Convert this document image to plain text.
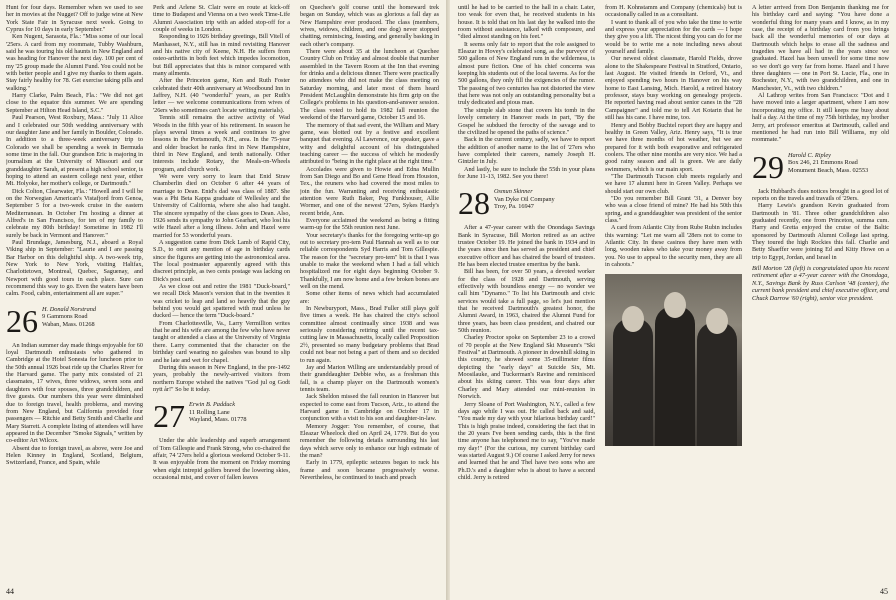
Hunt for four days. Remember when we used to see her in movies at the Nugget? Off to judge wine at New York State Fair in Syracuse next week. Going to Cyprus for 10 days in early September."

Ken Nugent, Sarasota, Fla.: "Miss some of our local '25ers. A card from my roommate, Tubby Washburn, said he was touring his old haunts in New England and was heading for Hanover the next day. 100 per cent of my '25 group made the Alumni Fund. You could not be with better people and I give my thanks to them again. Stay fairly healthy for 78. Get exercise taking pills and walking."

Harry Clarke, Palm Beach, Fla.: "We did not get close to the equator this summer. We are spending September at Hilton Head Island, S.C."

Paul Pearson, West Roxbury, Mass.: "July 11 Alice and I celebrated our 50th wedding anniversary with our daughter Jane and her family in Boulder, Colorado. In addition to a three-week anniversary trip to Colorado we shall be spending a week in Bermuda some time in the fall. Our grandson Eric is majoring in journalism at the University of Missouri and our granddaughter Sarah, at present a high school senior, is hoping to attend an eastern college next year, either Mt. Holyoke, her mother's college, or Dartmouth."

Dick Colton, Clearwater, Fla.: "Howell and I will be on the Norwegian American's Vistafjord from Genoa, September 5 for a two-week cruise in the eastern Mediterranean. In October I'm hosting a dinner at Alfred's in San Francisco, for ten of my family to celebrate my 80th birthday! Sometime in 1982 I'll surely be back in Vermont and Hanover."

Paul Brundage, Jamesburg, N.J., aboard a Royal Viking ship in September: "Laurie and I are passing Bar Harbor on this delightful ship. A two-week trip, New York to New York, visiting Halifax, Charlottetown, Montreal, Quebec, Saguenay, and Newport with good tours in each place. Sure can recommend this way to go. Even the waters have been calm. Food, cabin, entertainment all are super."

26 H. Donald Norstrand
9 Gammons Road
Waban, Mass. 01268

An Indian summer day made things enjoyable for 60 loyal Dartmouth enthusiasts who gathered in Cambridge at the Hotel Sonesta for luncheon prior to the 50th annual 1926 boat ride up the Charles River for the Harvard game. The party mix consisted of 21 classmates, 17 wives, three widows, seven sons and daughters with four spouses, three grandchildren, and five guests. Our numbers this year were diminished due to foreign travel, health problems, and moving from New England, but California provided four passengers — Ritchie and Betty Smith and Charlie and Mary Starrett. A complete listing of attendees will have appeared in the December "Smoke Signals," written by co-editor Art Wilcox.

Absent due to foreign travel, as above, were Joe and Helen Kinney in England, Scotland, Belgium, Switzerland, France, and Spain, while

Perk and Arlene St. Clair were en route at kick-off time to Budapest and Vienna on a two week Time-Life Alumni Association trip with an added stop-off for a couple of weeks in London.

Responding to 1926 birthday greetings, Bill Vitell of Manhasset, N.Y., still has in mind revisiting Hanover and his native city of Keene, N.H. He suffers from osteo-arthritis in both feet which impedes locomotion, but Bill appreciates that this is minor compared with many ailments.

After the Princeton game, Ken and Ruth Foster celebrated their 40th anniversary at Woodbound Inn in Jaffrey, N.H. (40 "wonderful" years, as per Ruth's letter — we welcome communications from wives of '26ers who sometimes can't locate writing materials).

Tennis still remains the active activity of Wad Woods in the fifth year of his retirement. In season he plays several times a week and continues to give lessons in the Portsmouth, N.H., area. In the 75-year and older bracket he ranks first in New Hampshire, third in New England, and tenth nationally. Other interests include Rotary, the Meals-on-Wheels program, and church work.

We were very sorry to learn that Enid Straw Chamberlin died on October 6 after 44 years of marriage to Dean. Enid's dad was class of 1887. She was a Phi Beta Kappa graduate of Wellesley and the University of California, where she also had taught. The sincere sympathy of the class goes to Dean. Also, 1926 sends its sympathy to John Gearhart, who lost his wife Hazel after a long illness. John and Hazel were married for 53 wonderful years.

A suggestion came from Dick Lamb of Rapid City, S.D., to omit any mention of age in birthday cards since the figures are getting into the astronomical area. The local postmaster apparently agreed with this discreet principle, as two cents postage was lacking on Dick's post card.

As we close out and retire the 1981 "Duck-board," we recall Dick Mason's version that in the twenties it was cricket to leap and land so heavily that the guy behind you would get spattered with mud unless he ducked — hence the term "Duck-board."

From Charlottesville, Va., Larry Vermillion writes that he and his wife are among the few who have never taught or attended a class at the University of Virginia there. Larry commented that the character on the birthday card wearing no galoshes was bound to slip and he late and wet for chapel.

During this season in New England, in the pre-1492 years, probably the newly-arrived visitors from northern Europe wished the natives "God jul og Godt nytt år!" So be it today.

27 Erwin B. Padduck
11 Rolling Lane
Wayland, Mass. 01778

Under the able leadership and superb arrangement of Tom Gillespie and Frank Strong, who co-chaired the affair, 74 '27ers held a glorious weekend October 9-11. It was enjoyable from the moment on Friday morning when eight intrepid golfers braved the lowering skies, occasional mist, and cover of fallen leaves

on Quechee's golf course until the homeward trek began on Sunday, which was as glorious a fall day as New Hampshire ever produced. The class (members, wives, widows, children, and one dog) never stopped chatting, reminiscing, feasting, and generally basking in each other's company.

There were about 35 at the luncheon at Quechee Country Club on Friday and almost double that number assembled in the Tavern Room at the Inn that evening for drinks and a delicious dinner. There were practically no attendees who did not make the class meeting on Saturday morning, and later most of them heard President McLaughlin demonstrate his firm grip on the College's problems in his question-and-answer session. The class voted to hold its 1982 fall reunion the weekend of the Harvard game, October 15 and 16.

The memory of that sad event, the William and Mary game, was blotted out by a festive and excellent banquet that evening. Al Lawrence, our speaker, gave a witty and delightful account of his distinguished teaching career — the success of which he modestly attributed to "being in the right place at the right time."

Accolades were given to Howie and Edna Mullin from San Diego and Bo and Gene Head from Houston, Tex., the reuners who had covered the most miles to join the fun. Warranting and receiving enthusiastic attention were Ruth Baker, Peg Funkhouser, Allie Wormer, and one of the newest '27ers, Sykes Hardy's recent bride, Ann.

Everyone acclaimed the weekend as being a fitting warm-up for the 55th reunion next June.

Your secretary's thanks for the foregoing write-up go out to secretary pro-tem Paul Hannah as well as to our reliable correspondents Syd Harris and Tom Gillespie. The reason for the "secretary pro-tem" bit is that I was unable to make the weekend when I had a fall which hospitalized me for eight days beginning October 9. Thankfully, I am now home and a few broken bones are well on the mend.

Some other items of news which had accumulated are:

In Newburyport, Mass., Brad Fuller still plays golf five times a week. He has chaired the city's school committee almost continually since 1938 and was seriously considering retiring until the recent tax-cutting law in Massachusetts, locally called Proposition 2½, presented so many budgetary problems that Brad could not bear not being a part of them and so decided to run again.

Jay and Marion Willing are understandably proud of their granddaughter Debbie who, as a freshman this fall, is a champ player on the Dartmouth women's tennis team.

Jack Sheldon missed the fall reunion in Hanover but expected to come east from Tucson, Ariz., to attend the Harvard game in Cambridge on October 17 in conjunction with a visit to his son and daughter-in-law.

Memory Jogger: You remember, of course, that Eleazar Wheelock died on April 24, 1779. But do you remember the following details surrounding his last days which serve only to enhance our high estimate of the man?

Early in 1779, epileptic seizures began to rack his frame and soon became progressively worse. Nevertheless, he continued to teach and preach

44

until he had to be carried to the hall in a chair. Later, too weak for even that, he received students in his house. It is told that on his last day he walked into the room without assistance, talked with composure, and "died almost standing on his feet."

It seems only fair to report that the role assigned to Eleazar in Hovey's celebrated song, as the purveyor of 500 gallons of New England rum in the wilderness, is almost pure fiction. One of his chief concerns was keeping his students out of the local taverns. As for the 500 gallons, they only fill the exigencies of the rumor. The passing of two centuries has not distorted the view that here was not only an outstanding personality but a truly dedicated and pious man.

The simple slab stone that covers his tomb in the lovely cemetery in Hanover reads in part, "By the Gospel he subdued the ferocity of the savage and to the civilized he opened the paths of science."

Back in the current century, sadly, we have to report the addition of another name to the list of '27ers who have completed their careers, namely Joseph H. Gintzler in July.

And lastly, be sure to include the 55th in your plans for June 11-13, 1982. See you there!

28 Osmun Skinner
Van Dyke Oil Company
Troy, Pa. 16947

After a 47-year career with the Onondaga Savings Bank in Syracuse, Bill Morton retired as an active trustee October 19. He joined the bank in 1934 and in the years since then has served as president and chief executive officer and has chaired the board of trustees. He has been elected trustee emeritus by the bank.

Bill has been, for over 50 years, a devoted worker for the class of 1928 and Dartmouth, serving effectively with boundless energy — no wonder we call him "Dynamo." To list his Dartmouth and civic services would take a full page, so let's just mention that he received Dartmouth's greatest honor, the Alumni Award, in 1963, chaired the Alumni Fund for three years, has been class president, and chaired our 50th reunion.

Charley Proctor spoke on September 23 to a crowd of 70 people at the New England Ski Museum's "Ski Festival" at Dartmouth. A pioneer in downhill skiing in this country, he showed some 35-millimeter films depicting the "early days" at Suicide Six, Mt. Moosilauke, and Tuckerman's Ravine and reminisced about his skiing career. This was four days after Charley and Mary attended our mini-reunion in Norwich.

Jerry Sloane of Port Washington, N.Y., called a few days ago while I was out. He called back and said, "You made my day with your hilarious birthday card!" This is high praise indeed, considering the fact that in the 20 years I've been sending cards, this is the first time anyone has telephoned me to say, "You've made my day!" (For the curious, my current birthday card was started August 9.) Of course I asked Jerry for news and learned that he and Thel have two sons who are Ph.D.'s and a daughter who is about to have a second child. Jerry is retired

from H. Kohnstamm and Company (chemicals) but is occasionally called in as a consultant.

I want to thank all of you who take the time to write and express your appreciation for the cards — I hope they give you a lift. The nicest thing you can do for me would be to write me a note including news about yourself and family.

Our newest oldest classmate, Harold Fields, drove alone to the Shakespeare Festival in Stratford, Ontario, last August. He visited friends in Orford, Vt., and enjoyed spending two hours in Hanover on his way home to East Lansing, Mich. Harold, a retired history professor, stays busy working on genealogy projects. He reported having read about senior canes in the "28 Campaigner" and told me to tell Art Kotarin that he still has his cane. I have mine, too.

Henry and Bobby Buchtel report they are happy and healthy in Green Valley, Ariz. Henry says, "It is true we have three months of hot weather, but we are prepared for it with both evaporative and refrigerated coolers. The other nine months are very nice. We had a good rainy season and all is green. We are daily swimmers, which is our main sport.

"The Dartmouth Tucson club meets regularly and we have 17 alumni here in Green Valley. Perhaps we should start our own club.

"Do you remember Bill Grant '31, a Denver boy who was a close friend of mine? He had his 50th this spring, and a granddaughter was president of the senior class."

A card from Atlantic City from Rube Rubin includes this warning: "Let me warn all '28ers not to come to Atlantic City. In these casinos they have men with long, wooden rakes who take your money away from you. No use to appeal to the security men, they are all in cahoots."

A letter arrived from Don Benjamin thanking me for his birthday card and saying: "You have done a wonderful thing for many years and I know, as in my case, the receipt of a birthday card from you brings back all the wonderful memories of our days at Dartmouth which helps to erase all the sadness and tragedies we have all had in the years since we graduated. Hazel has been unwell for some time now so we don't go very far from home. Hazel and I have three daughters — one in Port St. Lucie, Fla., one in Rochester, N.Y., with two grandchildren, and one in Manchester, Vt., with two children."

Al Lathrop writes from San Francisco: "Dot and I have moved into a larger apartment, where I am now incorporating my office. It still keeps me busy about half a day. At the time of my 75th birthday, my brother Jerry, art professor emeritus at Dartmouth, called and mentioned he had run into Bill Williams, my old roommate."

29 Harold C. Ripley
Box 246, 21 Emmons Road
Monument Beach, Mass. 02553

Jack Hubbard's dues notices brought in a good lot of reports on the travels and travails of '29ers.

Harry Lewis's grandson Kevin graduated from Dartmouth in '81. Three other grandchildren also graduated recently, one from Princeton, summa cum. Harry and Gretta enjoyed the cruise of the Baltic sponsored by Dartmouth Alumni College last spring. They toured the high Rockies this fall. Charlie and Betty Shaeffer were joining Ed and Kitty Howe on a trip to Egypt, Jordan, and Israel in

Bill Morton '28 (left) is congratulated upon his recent retirement after a 47-year career with the Onondaga, N.Y., Savings Bank by Russ Carlson '48 (center), the current bank president and chief executive officer, and Chuck Darrow '60 (right), senior vice president.
45
